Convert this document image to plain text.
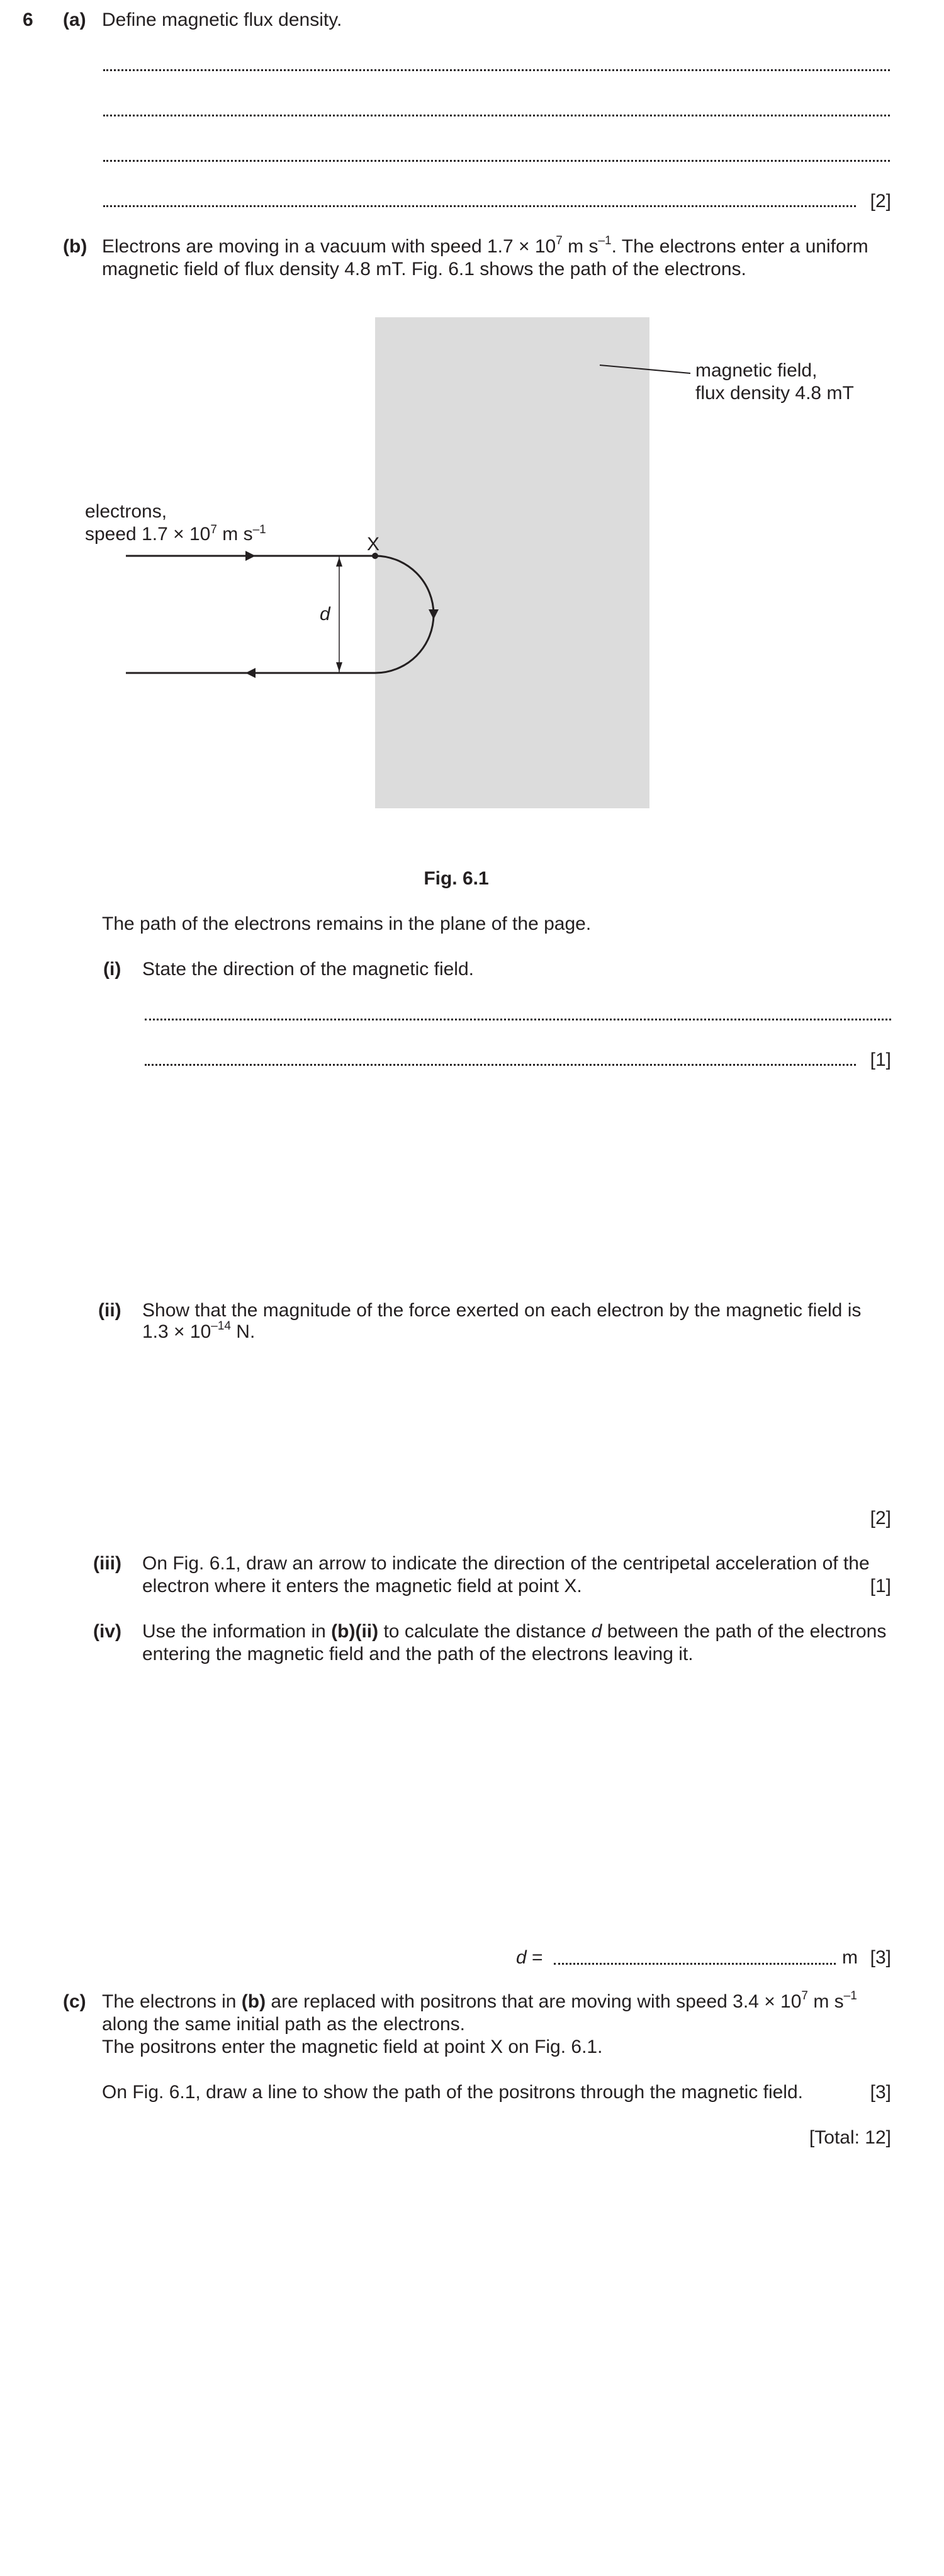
6 (a) Define magnetic flux density.
[2]
(b) Electrons are moving in a vacuum with speed $1.7 \times 10^7$ m $s^{-1}$. The electrons enter a uniform
magnetic field of flux density 4.8 mT. Fig. 6.1 shows the path of the electrons.
magnetic field,
flux density 4.8 mT
electrons,
speed $1.7 \times 10^7$ m $s^{-1}$
X
d
Fig. 6.1
The path of the electrons remains in the plane of the page.
(i) State the direction of the magnetic field.
[1]
(ii) Show that the magnitude of the force exerted on each electron by the magnetic field is
$1.3 \times 10^{-14}$ N.
[2]
(iii) On Fig. 6.1, draw an arrow to indicate the direction of the centripetal acceleration of the
electron where it enters the magnetic field at point X.	[1]
(iv) Use the information in (b)(ii) to calculate the distance d between the path of the electrons
entering the magnetic field and the path of the electrons leaving it.
d =	m [3]
(c) The electrons in (b) are replaced with positrons that are moving with speed $3.4 \times 10^7$ m $s^{-1}$
along the same initial path as the electrons.
The positrons enter the magnetic field at point X on Fig. 6.1.
On Fig. 6.1, draw a line to show the path of the positrons through the magnetic field.	[3]
[Total: 12]
